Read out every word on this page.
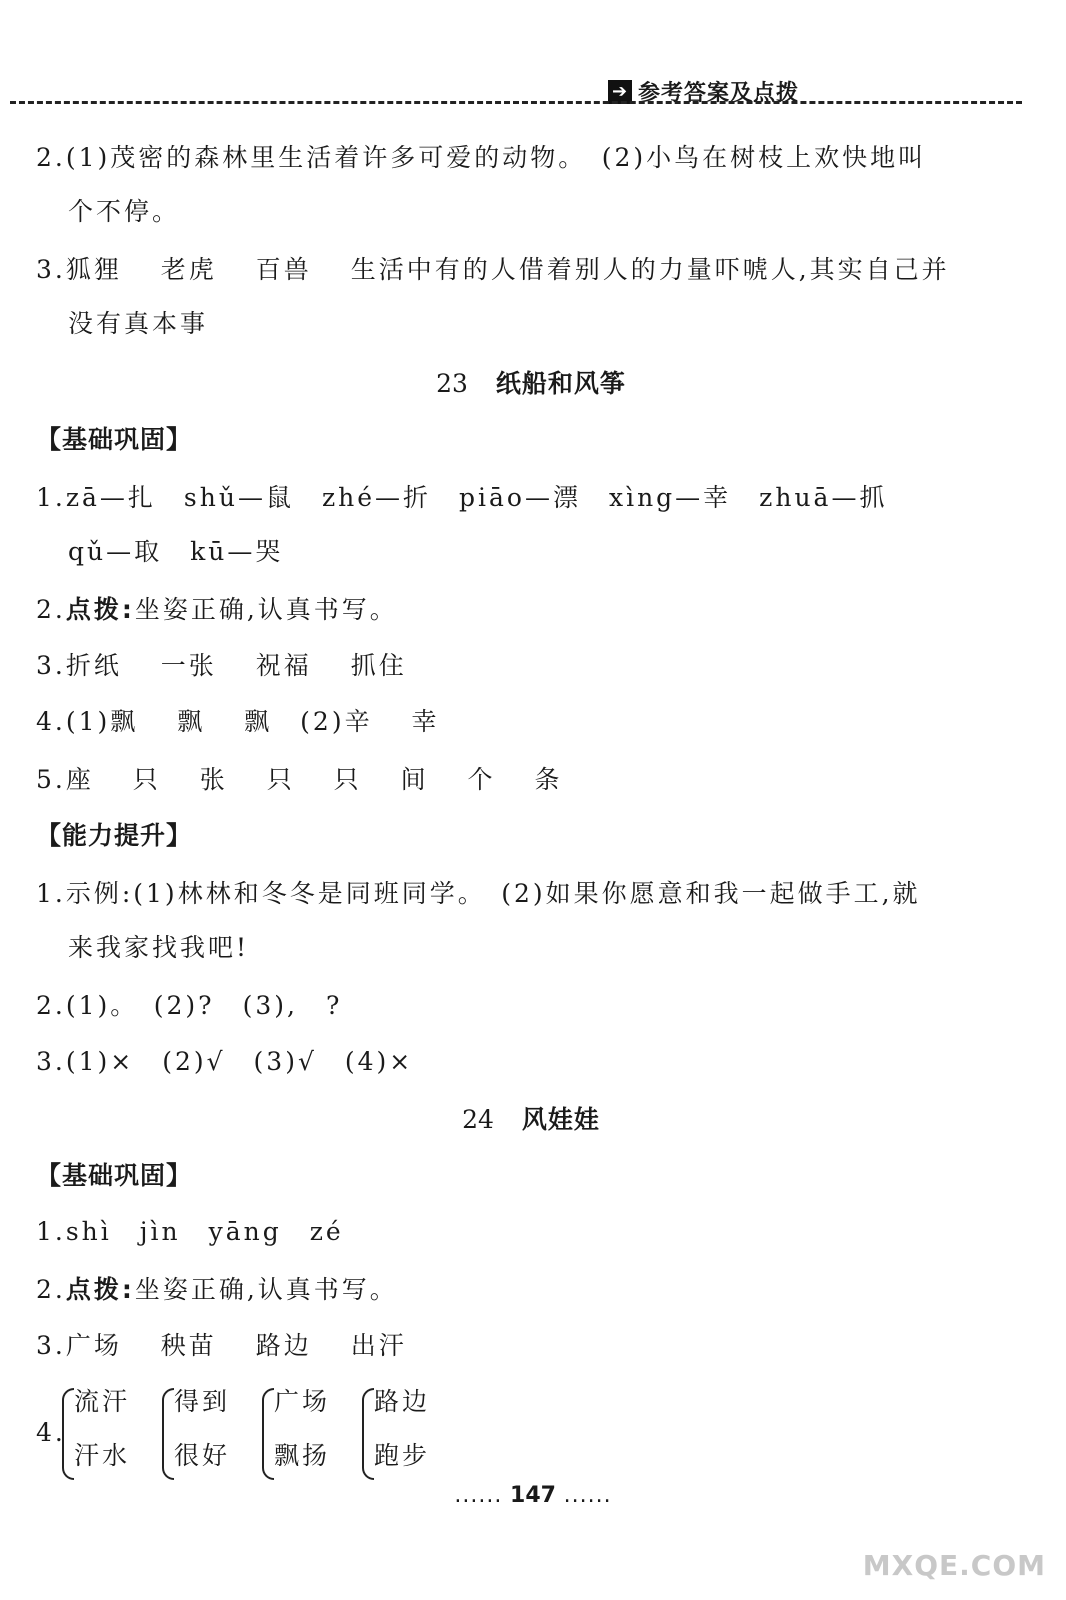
➔ 参考答案及点拨
2.(1)茂密的森林里生活着许多可爱的动物。　(2)小鸟在树枝上欢快地叫
个不停。
3.狐狸　 老虎　 百兽　 生活中有的人借着别人的力量吓唬人,其实自己并
没有真本事
23 纸船和风筝
【基础巩固】
1.zā—扎　shǔ—鼠　zhé—折　piāo—漂　xìng—幸　zhuā—抓
qǔ—取　kū—哭
2.点拨:坐姿正确,认真书写。
3.折纸　 一张　 祝福　 抓住
4.(1)飘　 飘　 飘　(2)辛　 幸
5.座　 只　 张　 只　 只　 间　 个　 条
【能力提升】
1.示例:(1)林林和冬冬是同班同学。　(2)如果你愿意和我一起做手工,就
来我家找我吧!
2.(1)。　(2)?　(3),　?
3.(1)×　(2)√　(3)√　(4)×
24 风娃娃
【基础巩固】
1.shì　jìn　yāng　zé
2.点拨:坐姿正确,认真书写。
3.广场　 秧苗　 路边　 出汗
4.
流汗
汗水
得到
很好
广场
飘扬
路边
跑步
...... 147 ......
MXQE.COM
